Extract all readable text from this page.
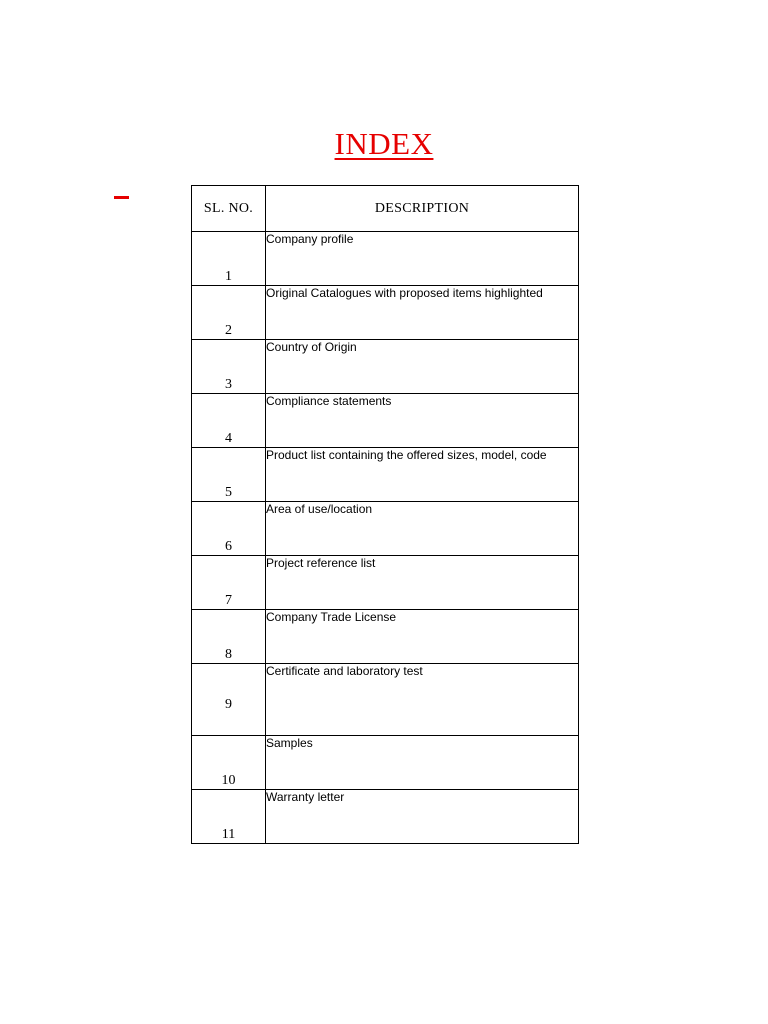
INDEX
SL. NO.	DESCRIPTION
1	Company profile
2	Original Catalogues with proposed items highlighted
3	Country of Origin
4	Compliance statements
5	Product list containing the offered sizes, model, code
6	Area of use/location
7	Project reference list
8	Company Trade License
9	Certificate and laboratory test
10	Samples
11	Warranty letter
